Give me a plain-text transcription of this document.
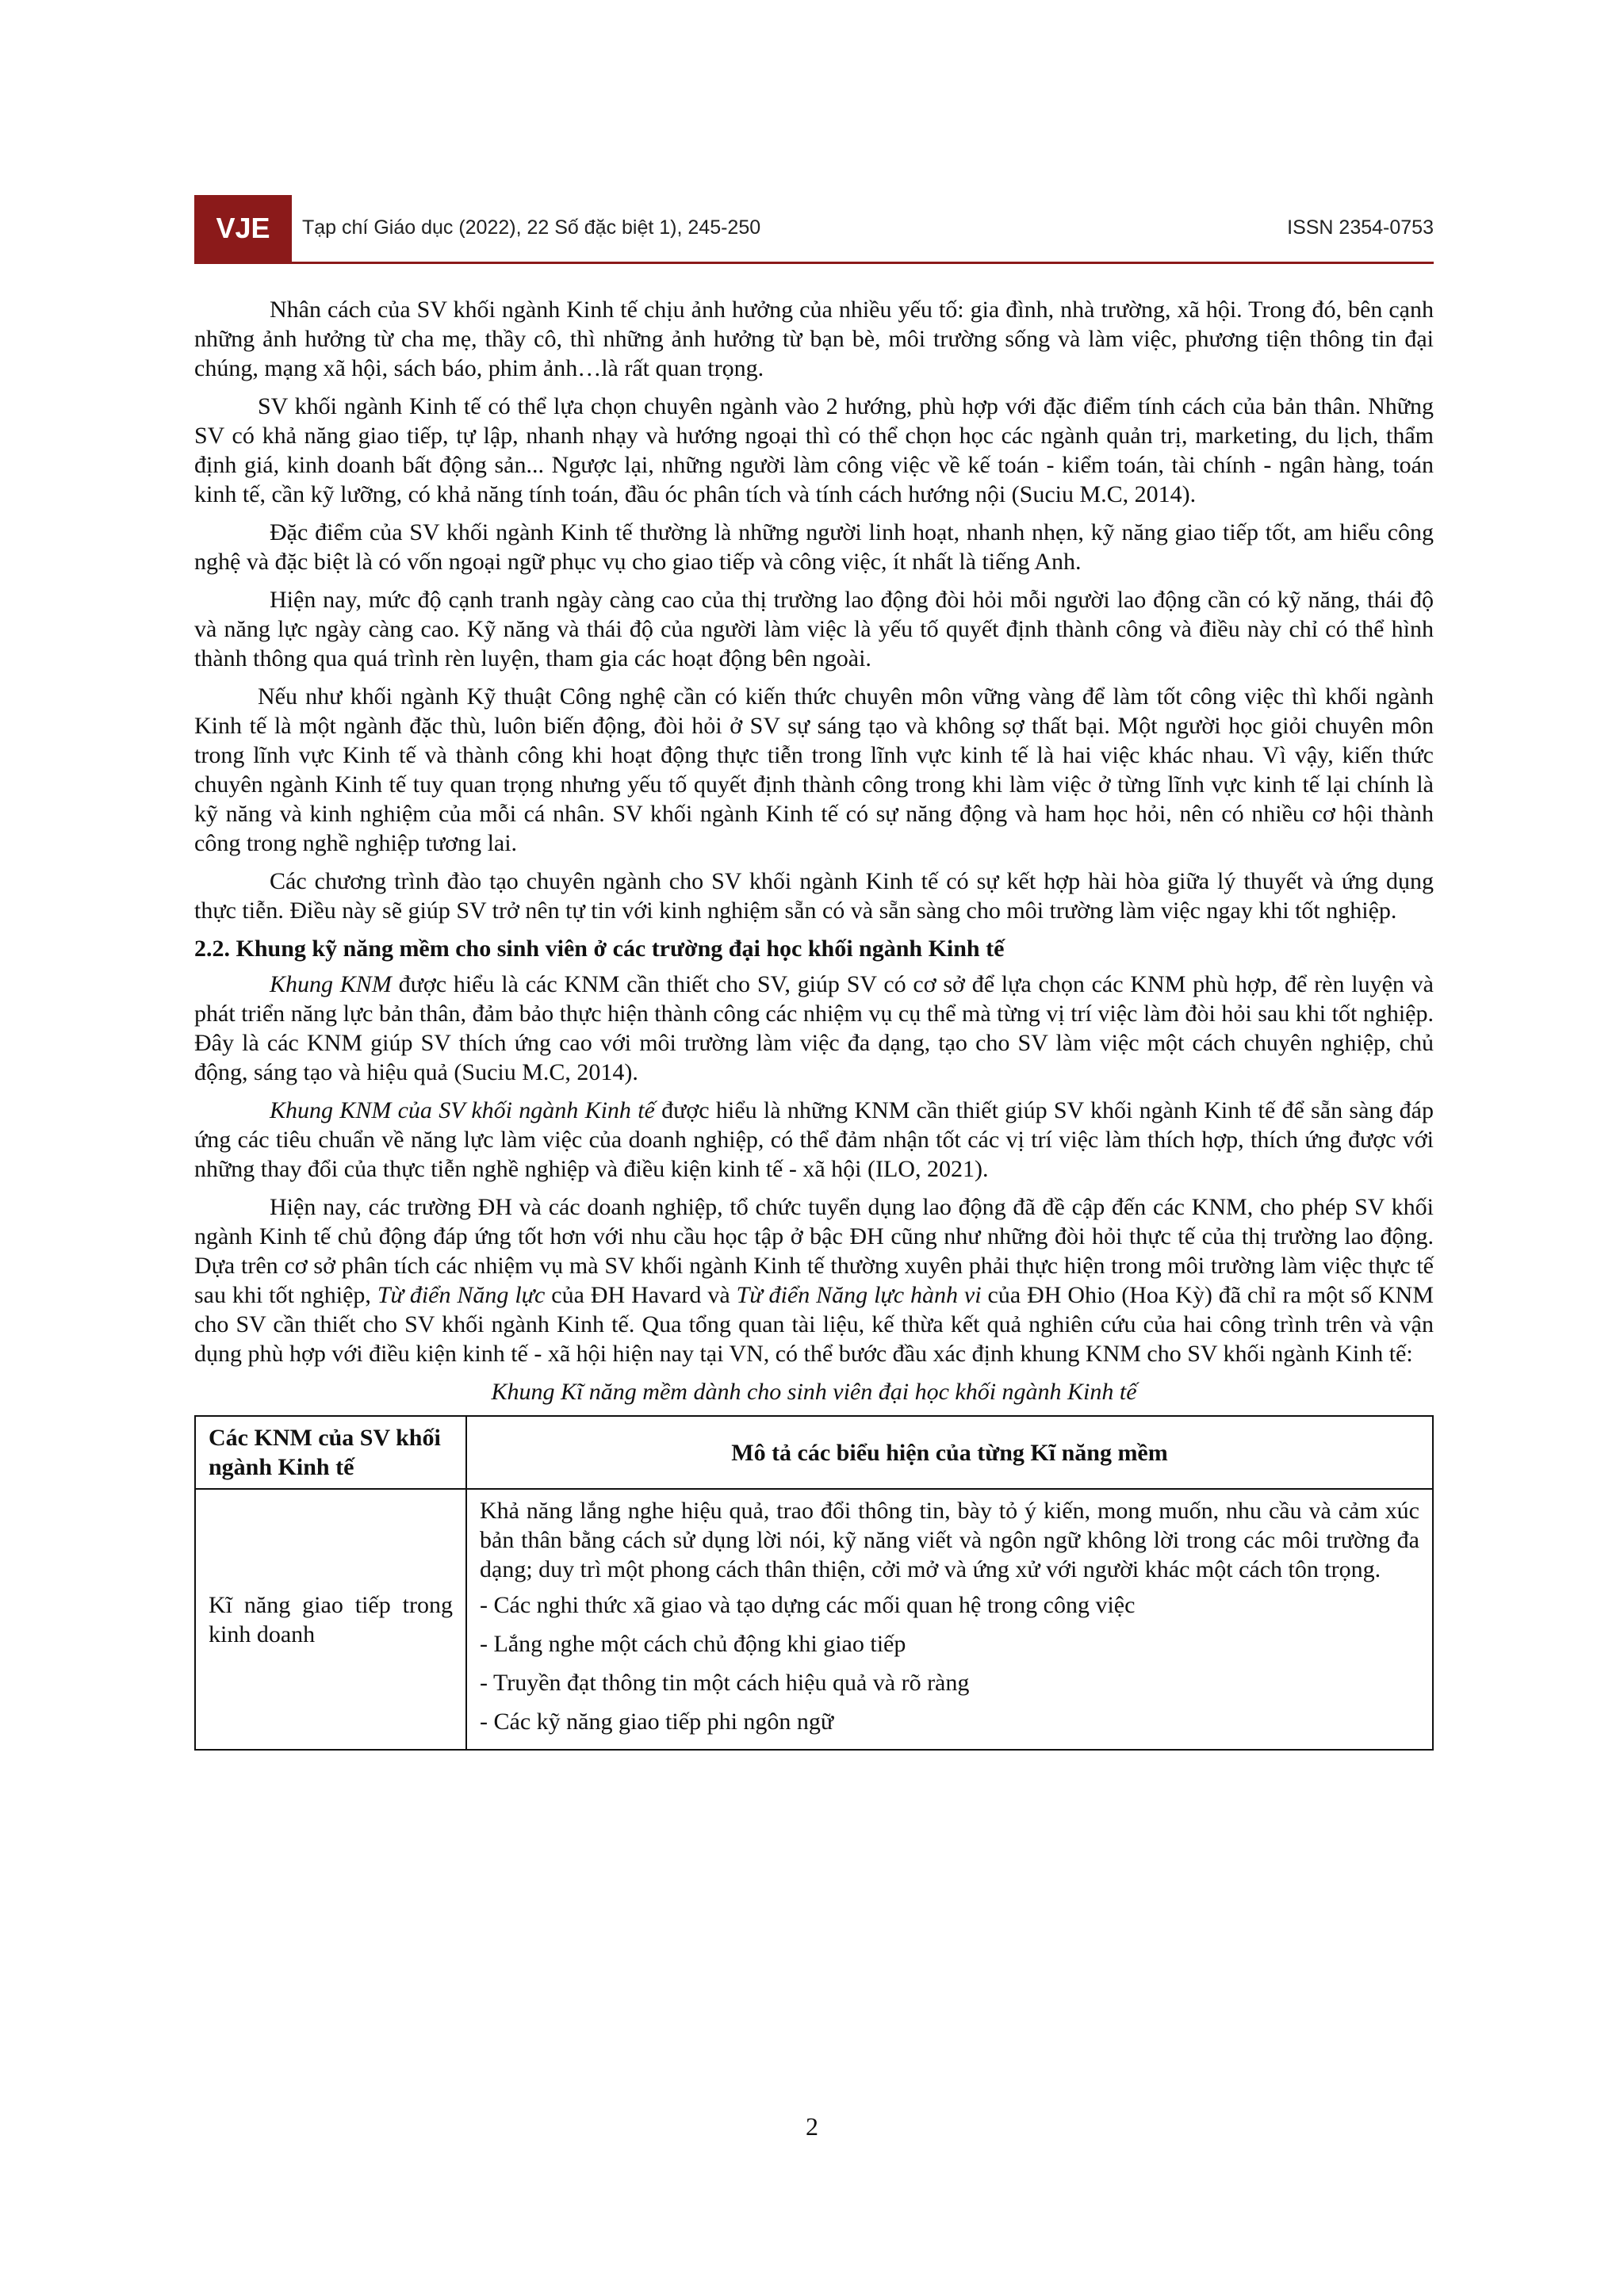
VJE	Tạp chí Giáo dục (2022), 22 Số đặc biệt 1), 245-250	ISSN 2354-0753

Nhân cách của SV khối ngành Kinh tế chịu ảnh hưởng của nhiều yếu tố: gia đình, nhà trường, xã hội. Trong đó, bên cạnh những ảnh hưởng từ cha mẹ, thầy cô, thì những ảnh hưởng từ bạn bè, môi trường sống và làm việc, phương tiện thông tin đại chúng, mạng xã hội, sách báo, phim ảnh…là rất quan trọng.

SV khối ngành Kinh tế có thể lựa chọn chuyên ngành vào 2 hướng, phù hợp với đặc điểm tính cách của bản thân. Những SV có khả năng giao tiếp, tự lập, nhanh nhạy và hướng ngoại thì có thể chọn học các ngành quản trị, marketing, du lịch, thẩm định giá, kinh doanh bất động sản... Ngược lại, những người làm công việc về kế toán - kiểm toán, tài chính - ngân hàng, toán kinh tế, cần kỹ lưỡng, có khả năng tính toán, đầu óc phân tích và tính cách hướng nội (Suciu M.C, 2014).

Đặc điểm của SV khối ngành Kinh tế thường là những người linh hoạt, nhanh nhẹn, kỹ năng giao tiếp tốt, am hiểu công nghệ và đặc biệt là có vốn ngoại ngữ phục vụ cho giao tiếp và công việc, ít nhất là tiếng Anh.

Hiện nay, mức độ cạnh tranh ngày càng cao của thị trường lao động đòi hỏi mỗi người lao động cần có kỹ năng, thái độ và năng lực ngày càng cao. Kỹ năng và thái độ của người làm việc là yếu tố quyết định thành công và điều này chỉ có thể hình thành thông qua quá trình rèn luyện, tham gia các hoạt động bên ngoài.

Nếu như khối ngành Kỹ thuật Công nghệ cần có kiến thức chuyên môn vững vàng để làm tốt công việc thì khối ngành Kinh tế là một ngành đặc thù, luôn biến động, đòi hỏi ở SV sự sáng tạo và không sợ thất bại. Một người học giỏi chuyên môn trong lĩnh vực Kinh tế và thành công khi hoạt động thực tiễn trong lĩnh vực kinh tế là hai việc khác nhau. Vì vậy, kiến thức chuyên ngành Kinh tế tuy quan trọng nhưng yếu tố quyết định thành công trong khi làm việc ở từng lĩnh vực kinh tế lại chính là kỹ năng và kinh nghiệm của mỗi cá nhân. SV khối ngành Kinh tế có sự năng động và ham học hỏi, nên có nhiều cơ hội thành công trong nghề nghiệp tương lai.

Các chương trình đào tạo chuyên ngành cho SV khối ngành Kinh tế có sự kết hợp hài hòa giữa lý thuyết và ứng dụng thực tiễn. Điều này sẽ giúp SV trở nên tự tin với kinh nghiệm sẵn có và sẵn sàng cho môi trường làm việc ngay khi tốt nghiệp.

2.2. Khung kỹ năng mềm cho sinh viên ở các trường đại học khối ngành Kinh tế

Khung KNM được hiểu là các KNM cần thiết cho SV, giúp SV có cơ sở để lựa chọn các KNM phù hợp, để rèn luyện và phát triển năng lực bản thân, đảm bảo thực hiện thành công các nhiệm vụ cụ thể mà từng vị trí việc làm đòi hỏi sau khi tốt nghiệp. Đây là các KNM giúp SV thích ứng cao với môi trường làm việc đa dạng, tạo cho SV làm việc một cách chuyên nghiệp, chủ động, sáng tạo và hiệu quả (Suciu M.C, 2014).

Khung KNM của SV khối ngành Kinh tế được hiểu là những KNM cần thiết giúp SV khối ngành Kinh tế để sẵn sàng đáp ứng các tiêu chuẩn về năng lực làm việc của doanh nghiệp, có thể đảm nhận tốt các vị trí việc làm thích hợp, thích ứng được với những thay đổi của thực tiễn nghề nghiệp và điều kiện kinh tế - xã hội (ILO, 2021).

Hiện nay, các trường ĐH và các doanh nghiệp, tổ chức tuyển dụng lao động đã đề cập đến các KNM, cho phép SV khối ngành Kinh tế chủ động đáp ứng tốt hơn với nhu cầu học tập ở bậc ĐH cũng như những đòi hỏi thực tế của thị trường lao động. Dựa trên cơ sở phân tích các nhiệm vụ mà SV khối ngành Kinh tế thường xuyên phải thực hiện trong môi trường làm việc thực tế sau khi tốt nghiệp, Từ điển Năng lực của ĐH Havard và Từ điển Năng lực hành vi của ĐH Ohio (Hoa Kỳ) đã chỉ ra một số KNM cho SV cần thiết cho SV khối ngành Kinh tế. Qua tổng quan tài liệu, kế thừa kết quả nghiên cứu của hai công trình trên và vận dụng phù hợp với điều kiện kinh tế - xã hội hiện nay tại VN, có thể bước đầu xác định khung KNM cho SV khối ngành Kinh tế:

Khung Kĩ năng mềm dành cho sinh viên đại học khối ngành Kinh tế

Các KNM của SV khối ngành Kinh tế	Mô tả các biểu hiện của từng Kĩ năng mềm
Kĩ năng giao tiếp trong kinh doanh	Khả năng lắng nghe hiệu quả, trao đổi thông tin, bày tỏ ý kiến, mong muốn, nhu cầu và cảm xúc bản thân bằng cách sử dụng lời nói, kỹ năng viết và ngôn ngữ không lời trong các môi trường đa dạng; duy trì một phong cách thân thiện, cởi mở và ứng xử với người khác một cách tôn trọng.
- Các nghi thức xã giao và tạo dựng các mối quan hệ trong công việc
- Lắng nghe một cách chủ động khi giao tiếp
- Truyền đạt thông tin một cách hiệu quả và rõ ràng
- Các kỹ năng giao tiếp phi ngôn ngữ
2
